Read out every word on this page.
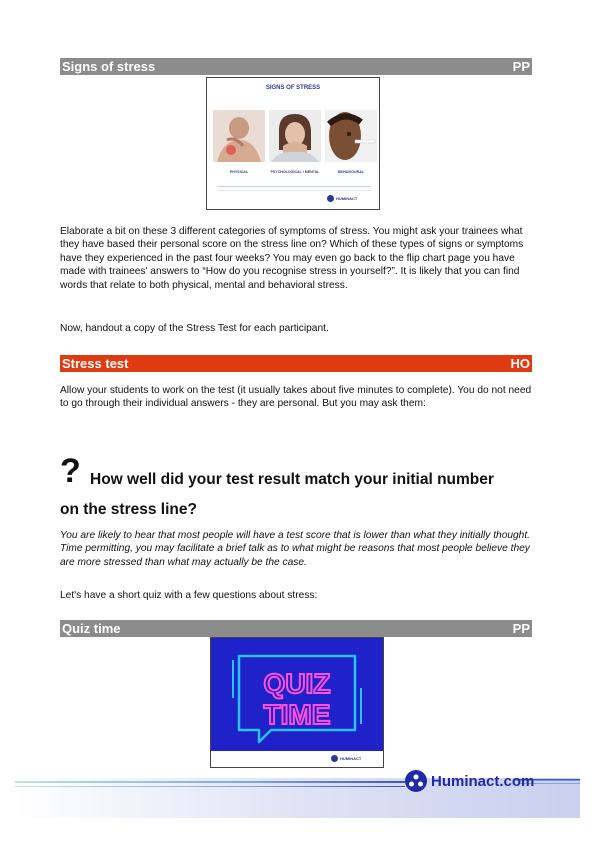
Signs of stress	PP
SIGNS OF STRESS
PHYSICAL	PSYCHOLOGICAL / MENTAL	BEHAVIOURAL
HUMINACT
Elaborate a bit on these 3 different categories of symptoms of stress. You might ask your trainees what they have based their personal score on the stress line on? Which of these types of signs or symptoms have they experienced in the past four weeks? You may even go back to the flip chart page you have made with trainees' answers to “How do you recognise stress in yourself?”. It is likely that you can find words that relate to both physical, mental and behavioral stress.
Now, handout a copy of the Stress Test for each participant.
Stress test	HO
Allow your students to work on the test (it usually takes about five minutes to complete). You do not need to go through their individual answers - they are personal. But you may ask them:
? How well did your test result match your initial number
on the stress line?
You are likely to hear that most people will have a test score that is lower than what they initially thought. Time permitting, you may facilitate a brief talk as to what might be reasons that most people believe they are more stressed than what may actually be the case.
Let's have a short quiz with a few questions about stress:
Quiz time	PP
QUIZ
TIME
HUMINACT
Huminact.com
